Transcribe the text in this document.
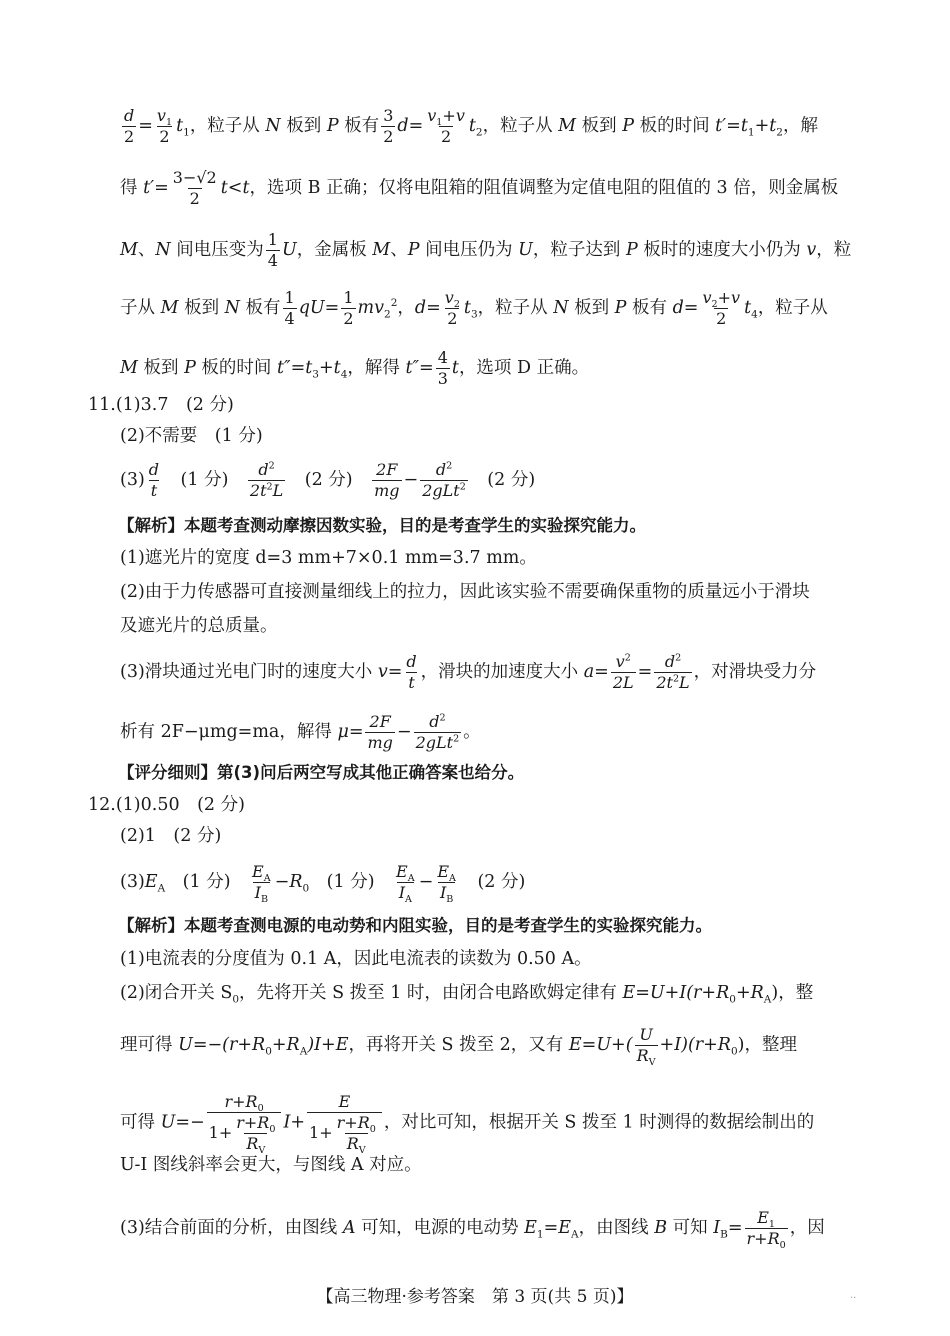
$\frac{d}{2} = \frac{v_1}{2} t_1$，粒子从 N 板到 P 板有 $\frac{3}{2} d= \frac{v_1+v}{2} t_2$，粒子从 M 板到 P 板的时间 $t'=t_1+t_2$，解
得 $t'= \frac{3-√2}{2} t<t$，选项 B 正确；仅将电阻箱的阻值调整为定值电阻的阻值的 3 倍，则金属板
M、N 间电压变为 $\frac{1}{4}$ U，金属板 M、P 间电压仍为 U，粒子达到 P 板时的速度大小仍为 v，粒
子从 M 板到 N 板有 $\frac{1}{4} qU= \frac{1}{2} mv_2^2$，$d= \frac{v_2}{2} t_3$，粒子从 N 板到 P 板有 $d= \frac{v_2+v}{2} t_4$，粒子从
M 板到 P 板的时间 $t''=t_3+t_4$，解得 $t''= \frac{4}{3}$ t，选项 D 正确。
11.(1)3.7　(2 分)
(2)不需要　(1 分)
$(3) \frac{d}{t}$ 　(1 分)　 $\frac{d^2}{2t^2L}$ 　(2 分)　 $\frac{2F}{mg}$ −
$d^2$
2gLt$^2$ 　(2 分)
【解析】本题考查测动摩擦因数实验，目的是考查学生的实验探究能力。
(1)遮光片的宽度 d=3 mm+7×0.1 mm=3.7 mm。
(2)由于力传感器可直接测量细线上的拉力，因此该实验不需要确保重物的质量远小于滑块
及遮光片的总质量。
(3)滑块通过光电门时的速度大小 $v= \frac{d}{t}$ ，滑块的加速度大小 $a= \frac{v^2}{2L} = \frac{d^2}{2t^2L}$ ，对滑块受力分
析有 2F−μmg=ma，解得 $\mu= \frac{2F}{mg}$ −
$d^2$
2gLt$^2$ 。
【评分细则】第(3)问后两空写成其他正确答案也给分。
12.(1)0.50　(2 分)
(2)1　(2 分)
$(3)E_A$　(1 分)　 $\frac{E_A}{I_B} -R_0$　(1 分)　 $\frac{E_A}{I_A} - \frac{E_A}{I_B}$ 　(2 分)
【解析】本题考查测电源的电动势和内阻实验，目的是考查学生的实验探究能力。
(1)电流表的分度值为 0.1 A，因此电流表的读数为 0.50 A。
(2)闭合开关 $S_0$，先将开关 S 拨至 1 时，由闭合电路欧姆定律有 $E=U+I(r+R_0+R_A)$，整
理可得 $U=-(r+R_0+R_A)I+E$，再将开关 S 拨至 2，又有 $E=U+( \frac{U}{R_V} +I)(r+R_0)$，整理
可得 $U=- \frac{r+R_0}{1+ \frac{r+R_0}{R_V}} I+ \frac{E}{1+ \frac{r+R_0}{R_V}}$ ，对比可知，根据开关 S 拨至 1 时测得的数据绘制出的
U-I 图线斜率会更大，与图线 A 对应。
(3)结合前面的分析，由图线 A 可知，电源的电动势 $E_1=E_A$，由图线 B 可知 $I_B= \frac{E_1}{r+R_0}$ ，因
【高三物理·参考答案　第 3 页(共 5 页)】	..
